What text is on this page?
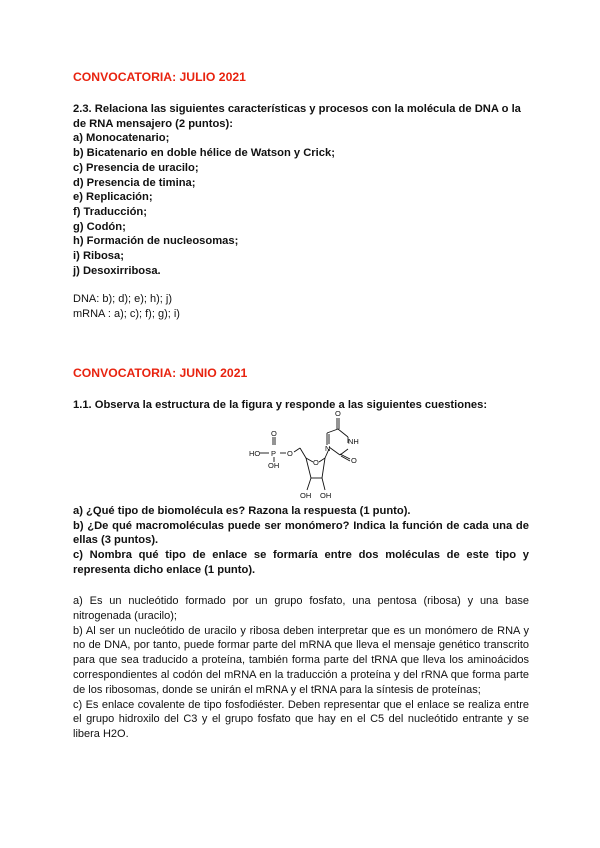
CONVOCATORIA: JULIO 2021

2.3. Relaciona las siguientes características y procesos con la molécula de DNA o la de RNA mensajero (2 puntos):

a) Monocatenario;
b) Bicatenario en doble hélice de Watson y Crick;
c) Presencia de uracilo;
d) Presencia de timina;
e) Replicación;
f) Traducción;
g) Codón;
h) Formación de nucleosomas;
i) Ribosa;
j) Desoxirribosa.

DNA: b); d); e); h); j)

mRNA : a); c); f); g); i)

CONVOCATORIA: JUNIO 2021

1.1. Observa la estructura de la figura y responde a las siguientes cuestiones:

O
O
P
HO
OH
NH
N
O
O
OH OH
O

a) ¿Qué tipo de biomolécula es? Razona la respuesta (1 punto).

b) ¿De qué macromoléculas puede ser monómero? Indica la función de cada una de ellas (3 puntos).

c) Nombra qué tipo de enlace se formaría entre dos moléculas de este tipo y representa dicho enlace (1 punto).

a) Es un nucleótido formado por un grupo fosfato, una pentosa (ribosa) y una base nitrogenada (uracilo);

b) Al ser un nucleótido de uracilo y ribosa deben interpretar que es un monómero de RNA y no de DNA, por tanto, puede formar parte del mRNA que lleva el mensaje genético transcrito para que sea traducido a proteína, también forma parte del tRNA que lleva los aminoácidos correspondientes al codón del mRNA en la traducción a proteína y del rRNA que forma parte de los ribosomas, donde se unirán el mRNA y el tRNA para la síntesis de proteínas;

c) Es enlace covalente de tipo fosfodiéster. Deben representar que el enlace se realiza entre el grupo hidroxilo del C3 y el grupo fosfato que hay en el C5 del nucleótido entrante y se libera H2O.
